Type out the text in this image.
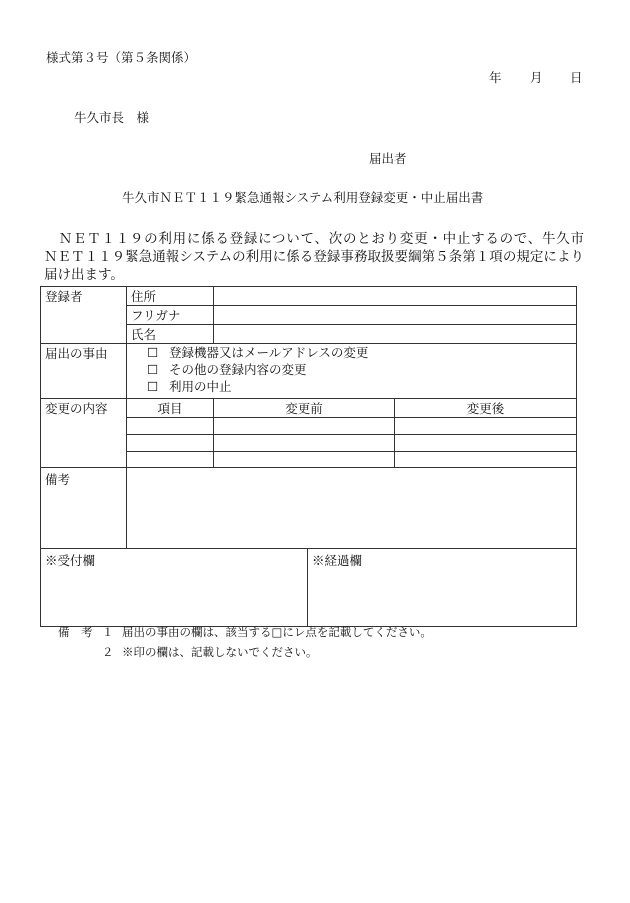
様式第３号（第５条関係）
年 月 日
牛久市長　様
届出者
牛久市ＮＥＴ１１９緊急通報システム利用登録変更・中止届出書
ＮＥＴ１１９の利用に係る登録について、次のとおり変更・中止するので、牛久市
ＮＥＴ１１９緊急通報システムの利用に係る登録事務取扱要綱第５条第１項の規定により
届け出ます。
登録者	住所			
	フリガナ			
	氏名			
届出の事由	☐ 登録機器又はメールアドレスの変更
☐ その他の登録内容の変更
☐ 利用の中止			

変更の内容	項目	変更前		変更後

備考				
※受付欄			※経過欄	
備　考 １ 届出の事由の欄は、該当する□にレ点を記載してください。
２ ※印の欄は、記載しないでください。
